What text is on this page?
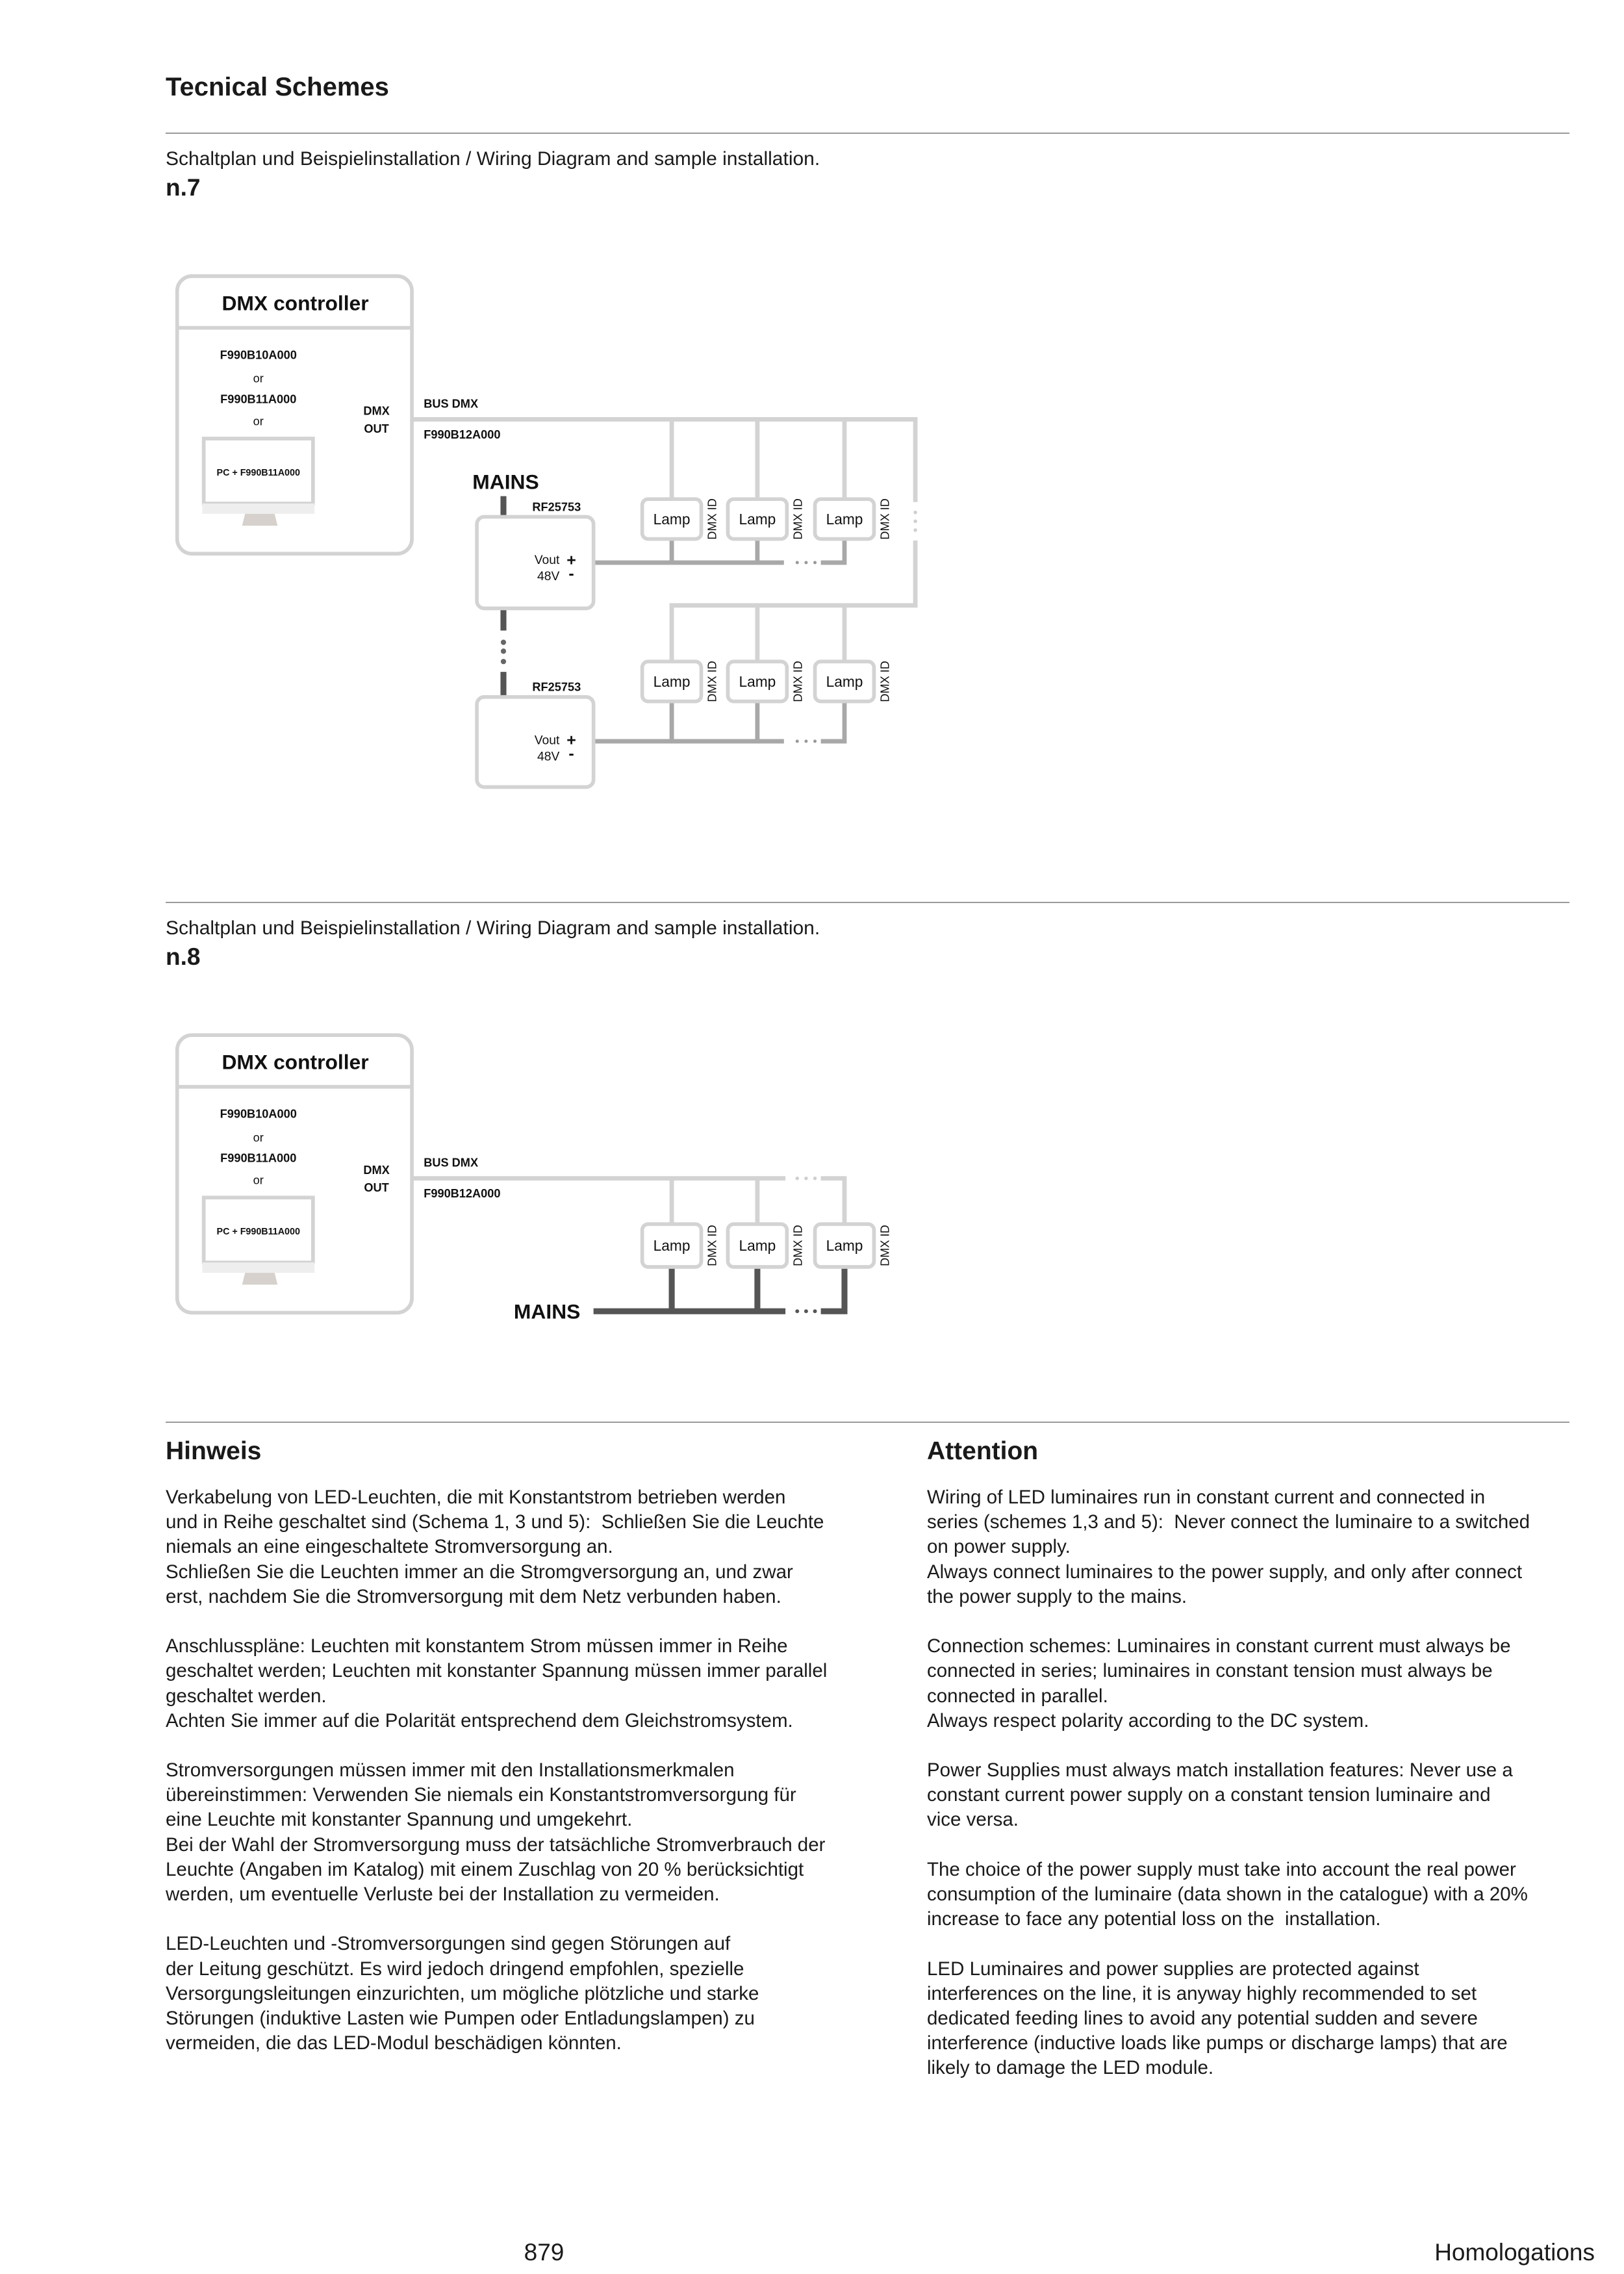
Tecnical Schemes
Schaltplan und Beispielinstallation / Wiring Diagram and sample installation.
n.7
Schaltplan und Beispielinstallation / Wiring Diagram and sample installation.
n.8
DMX controller
F990B10A000
or
F990B11A000
or
PC + F990B11A000
DMX
OUT
BUS DMX
F990B12A000
MAINS
RF25753
Vout
48V
+
-
RF25753
Vout
48V
+
-
Lamp	DMX ID
Lamp	DMX ID
Lamp	DMX ID
Lamp	DMX ID
Lamp	DMX ID
Lamp	DMX ID
DMX controller
F990B10A000
or
F990B11A000
or
PC + F990B11A000
DMX
OUT
BUS DMX
F990B12A000
MAINS
Lamp	DMX ID	Lamp	DMX ID	Lamp	DMX ID
Hinweis
Verkabelung von LED-Leuchten, die mit Konstantstrom betrieben werden
und in Reihe geschaltet sind (Schema 1, 3 und 5):  Schließen Sie die Leuchte
niemals an eine eingeschaltete Stromversorgung an.
Schließen Sie die Leuchten immer an die Stromgversorgung an, und zwar
erst, nachdem Sie die Stromversorgung mit dem Netz verbunden haben.
Anschlusspläne: Leuchten mit konstantem Strom müssen immer in Reihe
geschaltet werden; Leuchten mit konstanter Spannung müssen immer parallel
geschaltet werden.
Achten Sie immer auf die Polarität entsprechend dem Gleichstromsystem.
Stromversorgungen müssen immer mit den Installationsmerkmalen
übereinstimmen: Verwenden Sie niemals ein Konstantstromversorgung für
eine Leuchte mit konstanter Spannung und umgekehrt.
Bei der Wahl der Stromversorgung muss der tatsächliche Stromverbrauch der
Leuchte (Angaben im Katalog) mit einem Zuschlag von 20 % berücksichtigt
werden, um eventuelle Verluste bei der Installation zu vermeiden.
LED-Leuchten und -Stromversorgungen sind gegen Störungen auf
der Leitung geschützt. Es wird jedoch dringend empfohlen, spezielle
Versorgungsleitungen einzurichten, um mögliche plötzliche und starke
Störungen (induktive Lasten wie Pumpen oder Entladungslampen) zu
vermeiden, die das LED-Modul beschädigen könnten.
Attention
Wiring of LED luminaires run in constant current and connected in
series (schemes 1,3 and 5):  Never connect the luminaire to a switched
on power supply.
Always connect luminaires to the power supply, and only after connect
the power supply to the mains.
Connection schemes: Luminaires in constant current must always be
connected in series; luminaires in constant tension must always be
connected in parallel.
Always respect polarity according to the DC system.
Power Supplies must always match installation features: Never use a
constant current power supply on a constant tension luminaire and
vice versa.
The choice of the power supply must take into account the real power
consumption of the luminaire (data shown in the catalogue) with a 20%
increase to face any potential loss on the  installation.
LED Luminaires and power supplies are protected against
interferences on the line, it is anyway highly recommended to set
dedicated feeding lines to avoid any potential sudden and severe
interference (inductive loads like pumps or discharge lamps) that are
likely to damage the LED module.
879	Homologations
